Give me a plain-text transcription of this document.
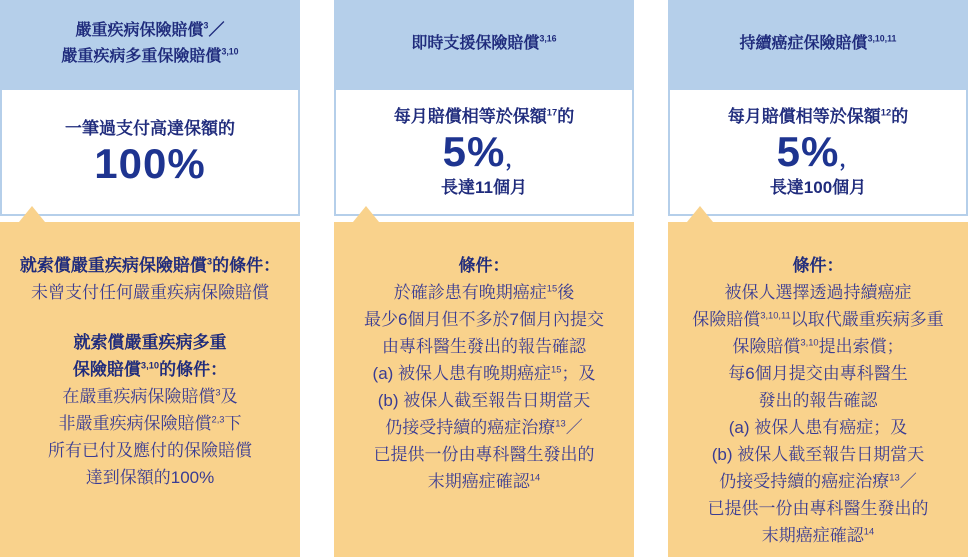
嚴重疾病保險賠償$^3$／
嚴重疾病多重保險賠償$^{3,10}$
一筆過支付高達保額的
100%
就索償嚴重疾病保險賠償$^3$的條件：
未曾支付任何嚴重疾病保險賠償
就索償嚴重疾病多重
保險賠償$^{3,10}$的條件：
在嚴重疾病保險賠償$^3$及
非嚴重疾病保險賠償$^{2,3}$下
所有已付及應付的保險賠償
達到保額的100%
即時支援保險賠償$^{3,16}$
每月賠償相等於保額$^{17}$的
5% ，
長達11個月
條件：
於確診患有晚期癌症$^{15}$後
最少6個月但不多於7個月內提交
由專科醫生發出的報告確認
(a) 被保人患有晚期癌症$^{15}$；及
(b) 被保人截至報告日期當天
仍接受持續的癌症治療$^{13}$／
已提供一份由專科醫生發出的
末期癌症確認$^{14}$
持續癌症保險賠償$^{3,10,11}$
每月賠償相等於保額$^{12}$的
5% ，
長達100個月
條件：
被保人選擇透過持續癌症
保險賠償$^{3,10,11}$以取代嚴重疾病多重
保險賠償$^{3,10}$提出索償；
每6個月提交由專科醫生
發出的報告確認
(a) 被保人患有癌症；及
(b) 被保人截至報告日期當天
仍接受持續的癌症治療$^{13}$／
已提供一份由專科醫生發出的
末期癌症確認$^{14}$
